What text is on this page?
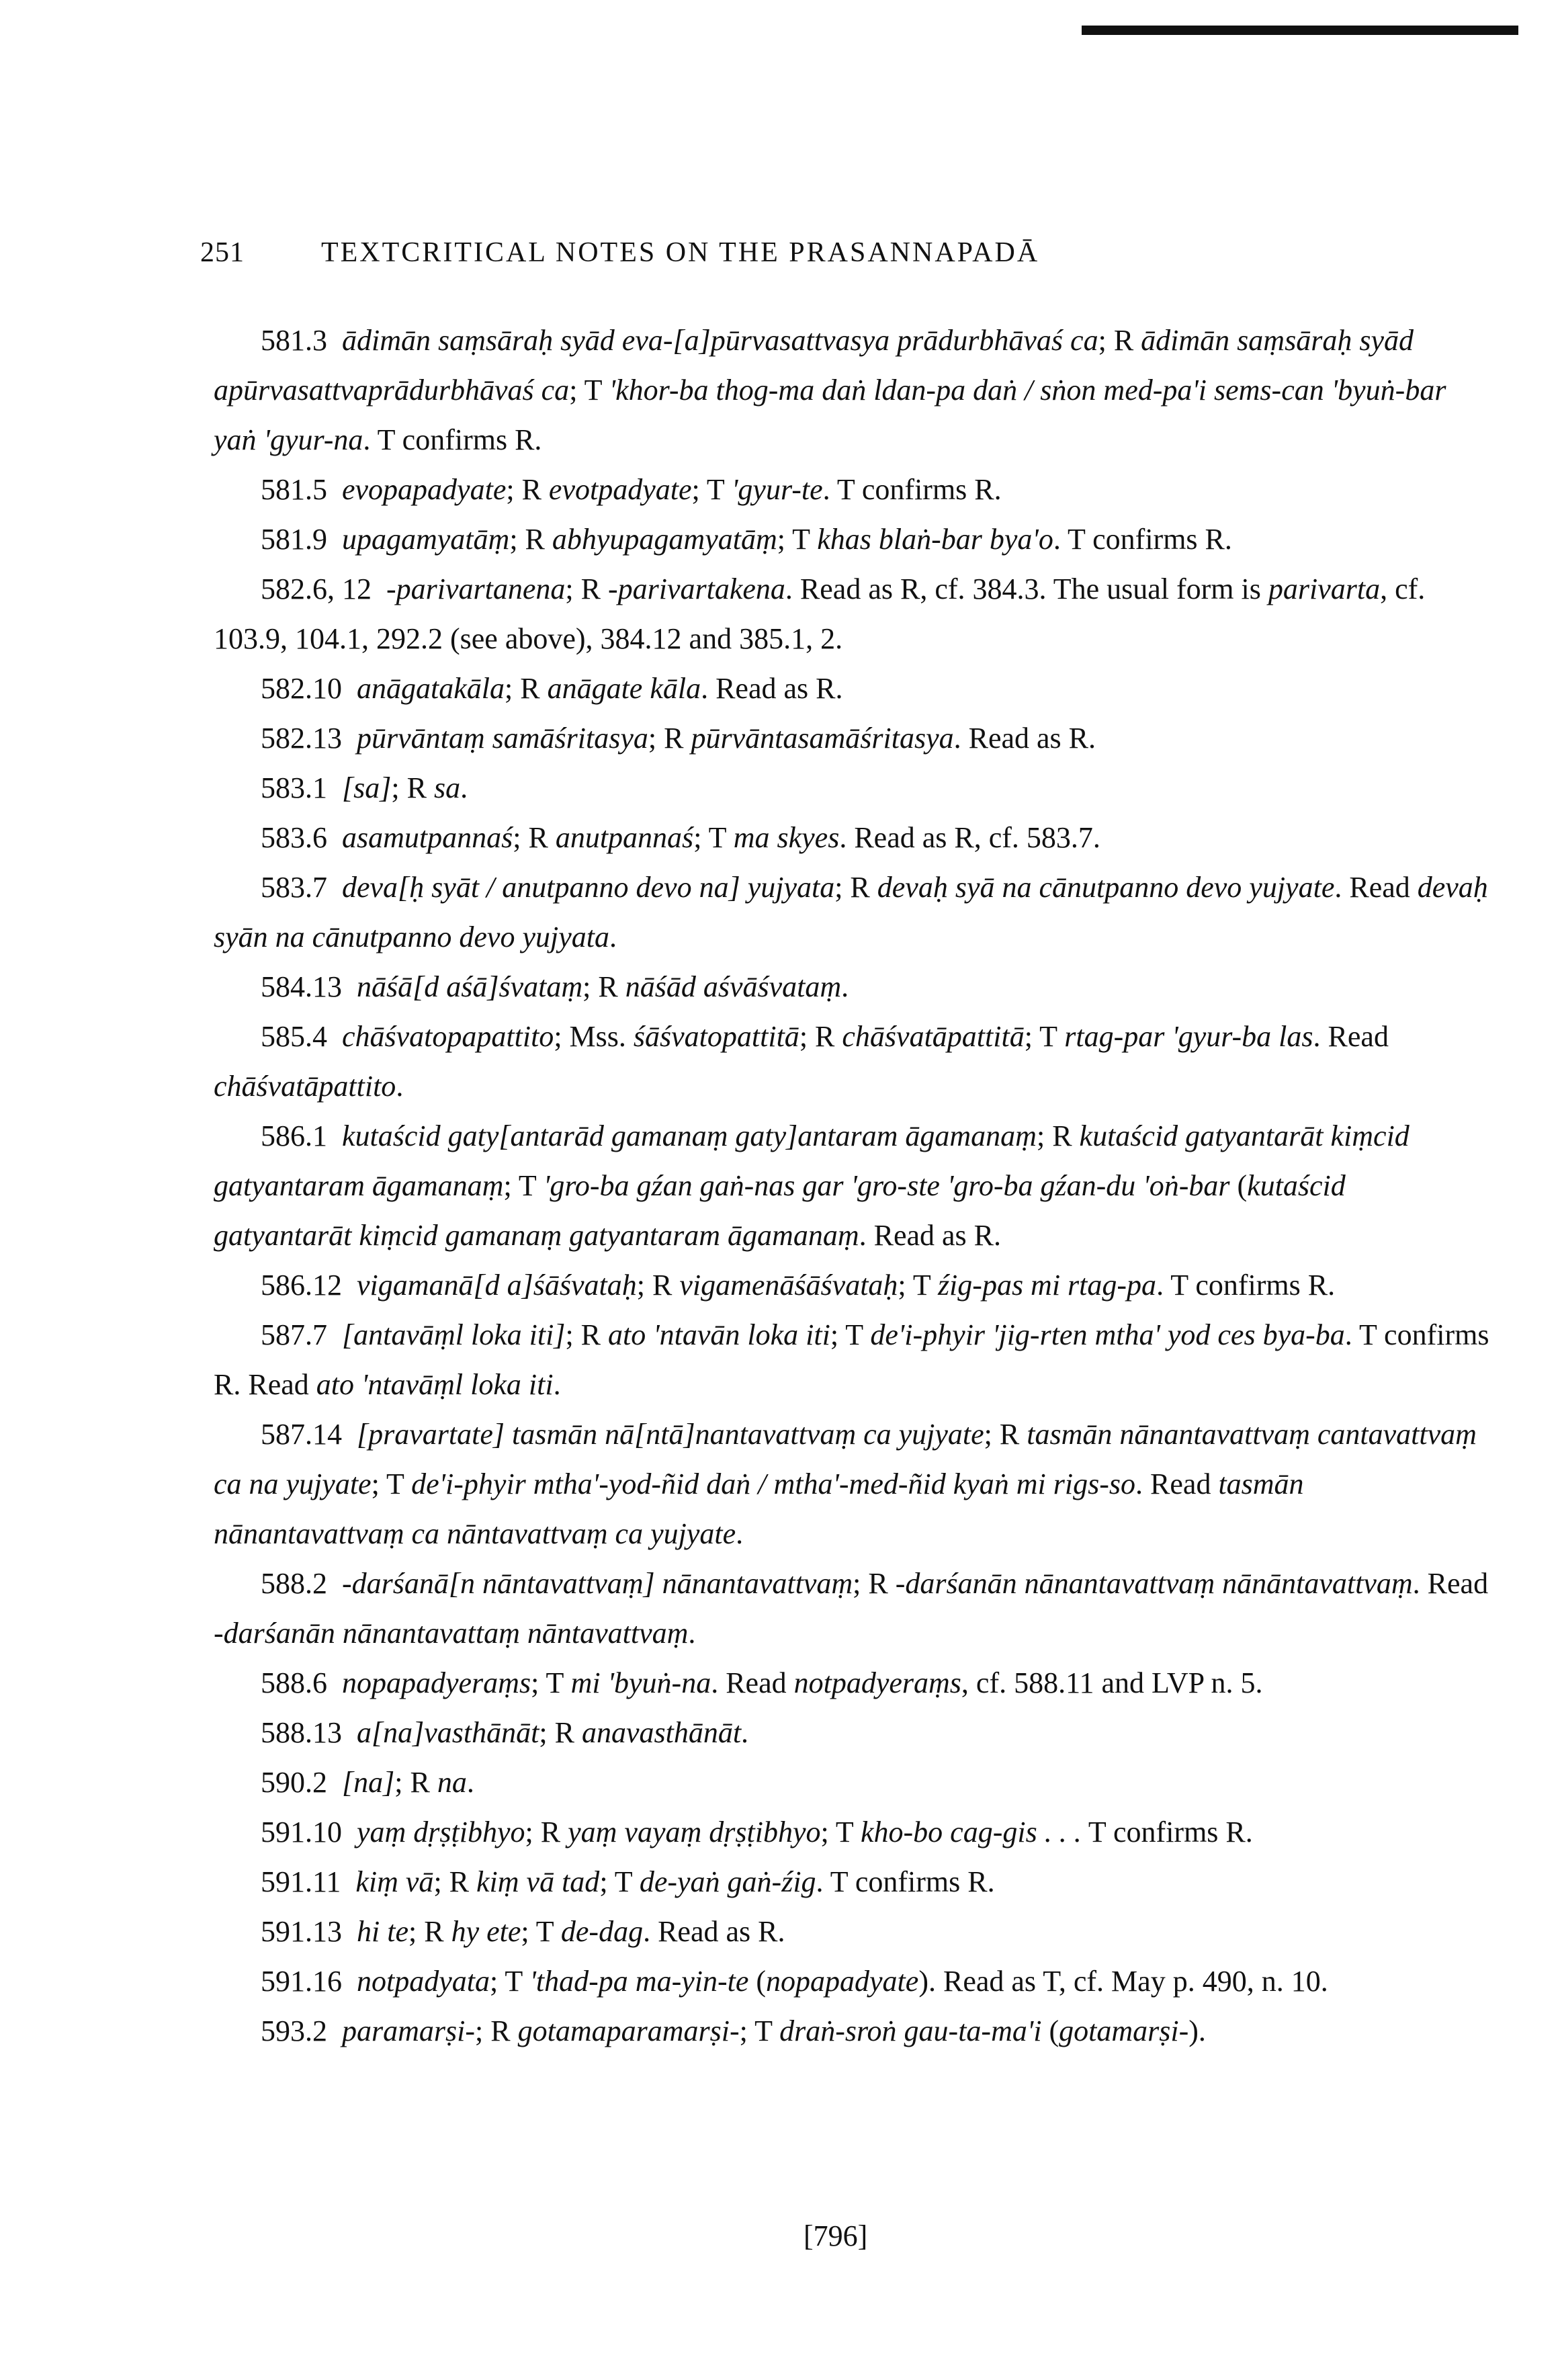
251	TEXTCRITICAL NOTES ON THE PRASANNAPADĀ

581.3 ādimān saṃsāraḥ syād eva-[a]pūrvasattvasya prādurbhāvaś ca; R ādimān saṃsāraḥ syād apūrvasattvaprādurbhāvaś ca; T 'khor-ba thog-ma daṅ ldan-pa daṅ / sṅon med-pa'i sems-can 'byuṅ-bar yaṅ 'gyur-na. T confirms R.

581.5 evopapadyate; R evotpadyate; T 'gyur-te. T confirms R.

581.9 upagamyatāṃ; R abhyupagamyatāṃ; T khas blaṅ-bar bya'o. T confirms R.

582.6, 12 -parivartanena; R -parivartakena. Read as R, cf. 384.3. The usual form is parivarta, cf. 103.9, 104.1, 292.2 (see above), 384.12 and 385.1, 2.

582.10 anāgatakāla; R anāgate kāla. Read as R.

582.13 pūrvāntaṃ samāśritasya; R pūrvāntasamāśritasya. Read as R.

583.1 [sa]; R sa.

583.6 asamutpannaś; R anutpannaś; T ma skyes. Read as R, cf. 583.7.

583.7 deva[ḥ syāt / anutpanno devo na] yujyata; R devaḥ syā na cānutpanno devo yujyate. Read devaḥ syān na cānutpanno devo yujyata.

584.13 nāśā[d aśā]śvataṃ; R nāśād aśvāśvataṃ.

585.4 chāśvatopapattito; Mss. śāśvatopattitā; R chāśvatāpattitā; T rtag-par 'gyur-ba las. Read chāśvatāpattito.

586.1 kutaścid gaty[antarād gamanaṃ gaty]antaram āgamanaṃ; R kutaścid gatyantarāt kiṃcid gatyantaram āgamanaṃ; T 'gro-ba gźan gaṅ-nas gar 'gro-ste 'gro-ba gźan-du 'oṅ-bar (kutaścid gatyantarāt kiṃcid gamanaṃ gatyantaram āgamanaṃ. Read as R.

586.12 vigamanā[d a]śāśvataḥ; R vigamenāśāśvataḥ; T źig-pas mi rtag-pa. T confirms R.

587.7 [antavāṃl loka iti]; R ato 'ntavān loka iti; T de'i-phyir 'jig-rten mtha' yod ces bya-ba. T confirms R. Read ato 'ntavāṃl loka iti.

587.14 [pravartate] tasmān nā[ntā]nantavattvaṃ ca yujyate; R tasmān nānantavattvaṃ cantavattvaṃ ca na yujyate; T de'i-phyir mtha'-yod-ñid daṅ / mtha'-med-ñid kyaṅ mi rigs-so. Read tasmān nānantavattvaṃ ca nāntavattvaṃ ca yujyate.

588.2 -darśanā[n nāntavattvaṃ] nānantavattvaṃ; R -darśanān nānantavattvaṃ nānāntavattvaṃ. Read -darśanān nānantavattaṃ nāntavattvaṃ.

588.6 nopapadyeraṃs; T mi 'byuṅ-na. Read notpadyeraṃs, cf. 588.11 and LVP n. 5.

588.13 a[na]vasthānāt; R anavasthānāt.

590.2 [na]; R na.

591.10 yaṃ dṛṣṭibhyo; R yaṃ vayaṃ dṛṣṭibhyo; T kho-bo cag-gis . . . T confirms R.

591.11 kiṃ vā; R kiṃ vā tad; T de-yaṅ gaṅ-źig. T confirms R.

591.13 hi te; R hy ete; T de-dag. Read as R.

591.16 notpadyata; T 'thad-pa ma-yin-te (nopapadyate). Read as T, cf. May p. 490, n. 10.

593.2 paramarṣi-; R gotamaparamarṣi-; T draṅ-sroṅ gau-ta-ma'i (gotamarṣi-).

[796]
